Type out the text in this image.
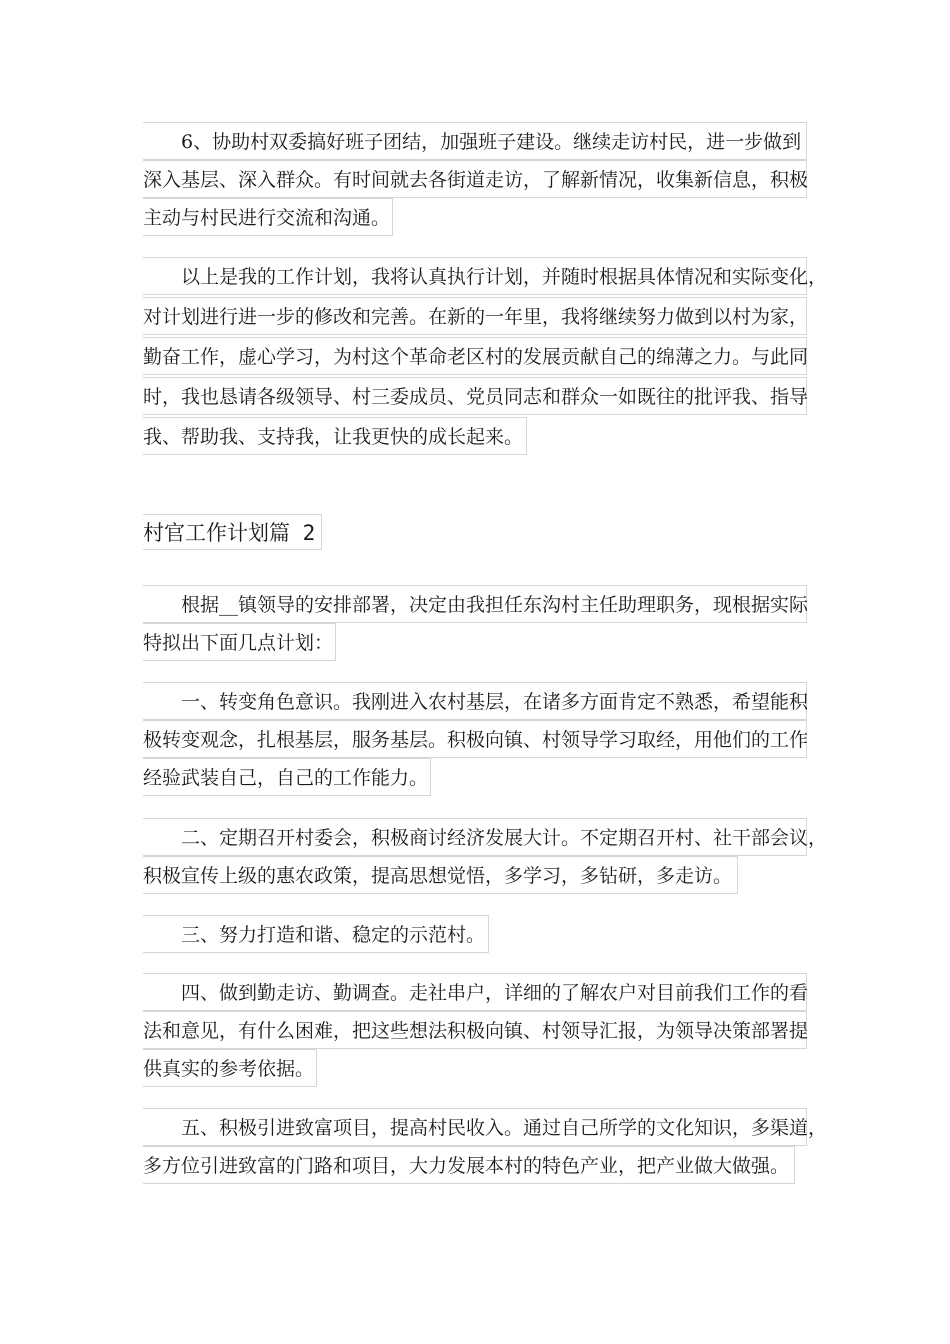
6、协助村双委搞好班子团结，加强班子建设。继续走访村民，进一步做到
深入基层、深入群众。有时间就去各街道走访，了解新情况，收集新信息，积极
主动与村民进行交流和沟通。
以上是我的工作计划，我将认真执行计划，并随时根据具体情况和实际变化，
对计划进行进一步的修改和完善。在新的一年里，我将继续努力做到以村为家，
勤奋工作，虚心学习，为村这个革命老区村的发展贡献自己的绵薄之力。与此同
时，我也恳请各级领导、村三委成员、党员同志和群众一如既往的批评我、指导
我、帮助我、支持我，让我更快的成长起来。
村官工作计划篇 2
根据__镇领导的安排部署，决定由我担任东沟村主任助理职务，现根据实际
特拟出下面几点计划：
一、转变角色意识。我刚进入农村基层，在诸多方面肯定不熟悉，希望能积
极转变观念，扎根基层，服务基层。积极向镇、村领导学习取经，用他们的工作
经验武装自己，自己的工作能力。
二、定期召开村委会，积极商讨经济发展大计。不定期召开村、社干部会议，
积极宣传上级的惠农政策，提高思想觉悟，多学习，多钻研，多走访。
三、努力打造和谐、稳定的示范村。
四、做到勤走访、勤调查。走社串户，详细的了解农户对目前我们工作的看
法和意见，有什么困难，把这些想法积极向镇、村领导汇报，为领导决策部署提
供真实的参考依据。
五、积极引进致富项目，提高村民收入。通过自己所学的文化知识，多渠道，
多方位引进致富的门路和项目，大力发展本村的特色产业，把产业做大做强。
